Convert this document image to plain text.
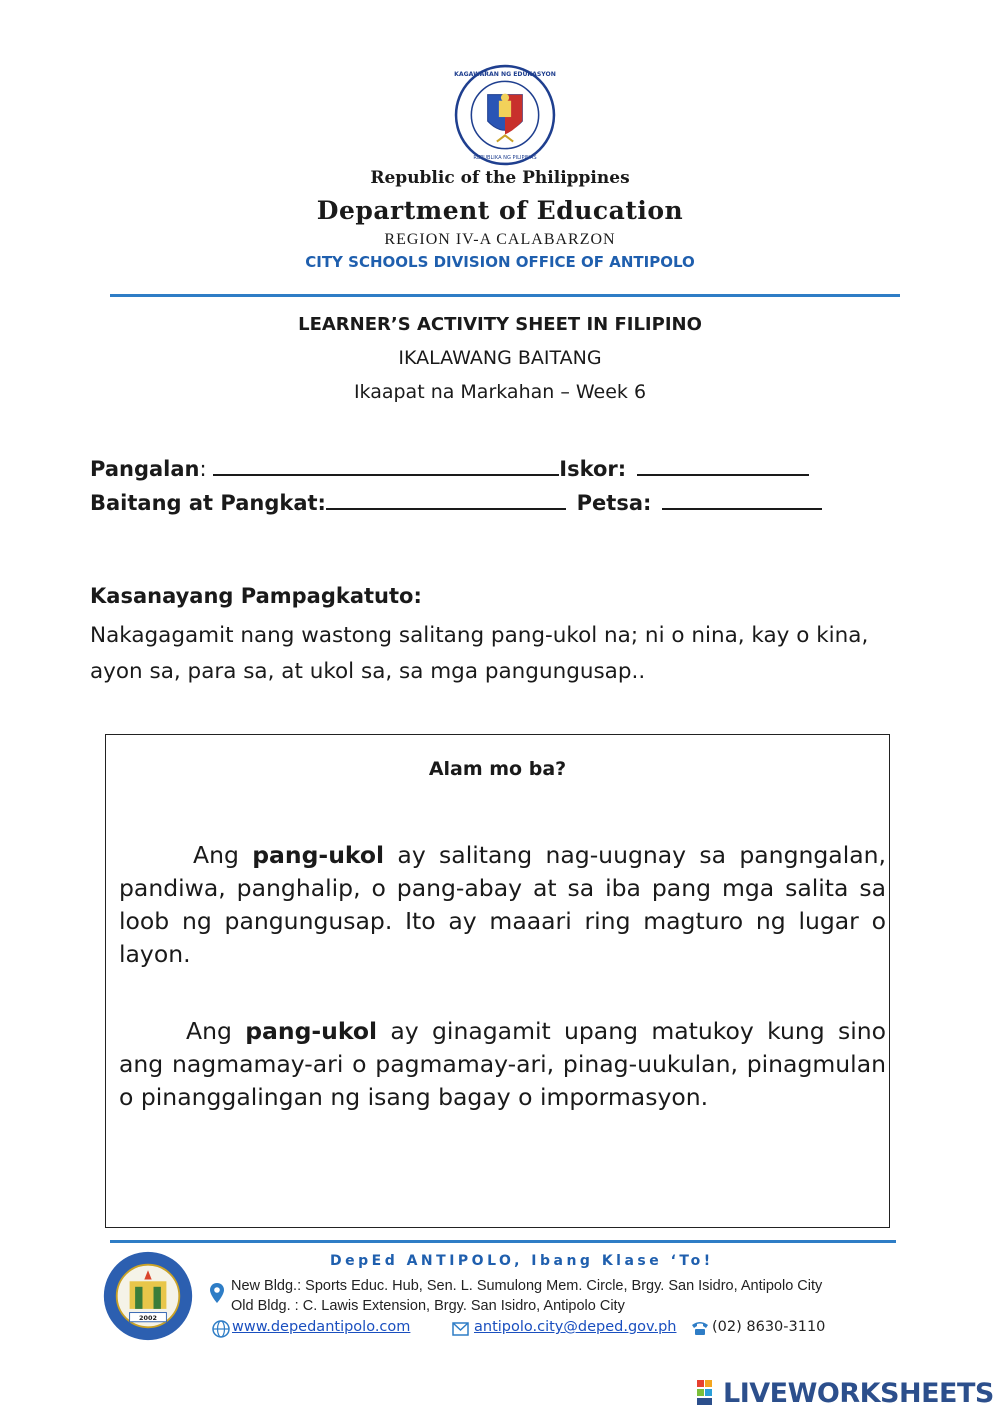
KAGAWARAN NG EDUKASYON
REPUBLIKA NG PILIPINAS
Republic of the Philippines
Department of Education
REGION IV-A CALABARZON
CITY SCHOOLS DIVISION OFFICE OF ANTIPOLO
LEARNER’S ACTIVITY SHEET IN FILIPINO
IKALAWANG BAITANG
Ikaapat na Markahan – Week 6
Pangalan:	Iskor:
Baitang at Pangkat:	Petsa:
Kasanayang Pampagkatuto:
Nakagagamit nang wastong salitang pang-ukol na; ni o nina, kay o kina, ayon sa, para sa, at ukol sa, sa mga pangungusap..
Alam mo ba?
Ang pang-ukol ay salitang nag-uugnay sa pangngalan, pandiwa, panghalip, o pang-abay at sa iba pang mga salita sa loob ng pangungusap. Ito ay maaari ring magturo ng lugar o layon.
Ang pang-ukol ay ginagamit upang matukoy kung sino ang nagmamay-ari o pagmamay-ari, pinag-uukulan, pinagmulan o pinanggalingan ng isang bagay o impormasyon.
2002
DepEd ANTIPOLO, Ibang Klase ‘To!
New Bldg.: Sports Educ. Hub, Sen. L. Sumulong Mem. Circle, Brgy. San Isidro, Antipolo City
Old Bldg. : C. Lawis Extension, Brgy. San Isidro, Antipolo City
www.depedantipolo.com	antipolo.city@deped.gov.ph (02) 8630-3110
LIVEWORKSHEETS
